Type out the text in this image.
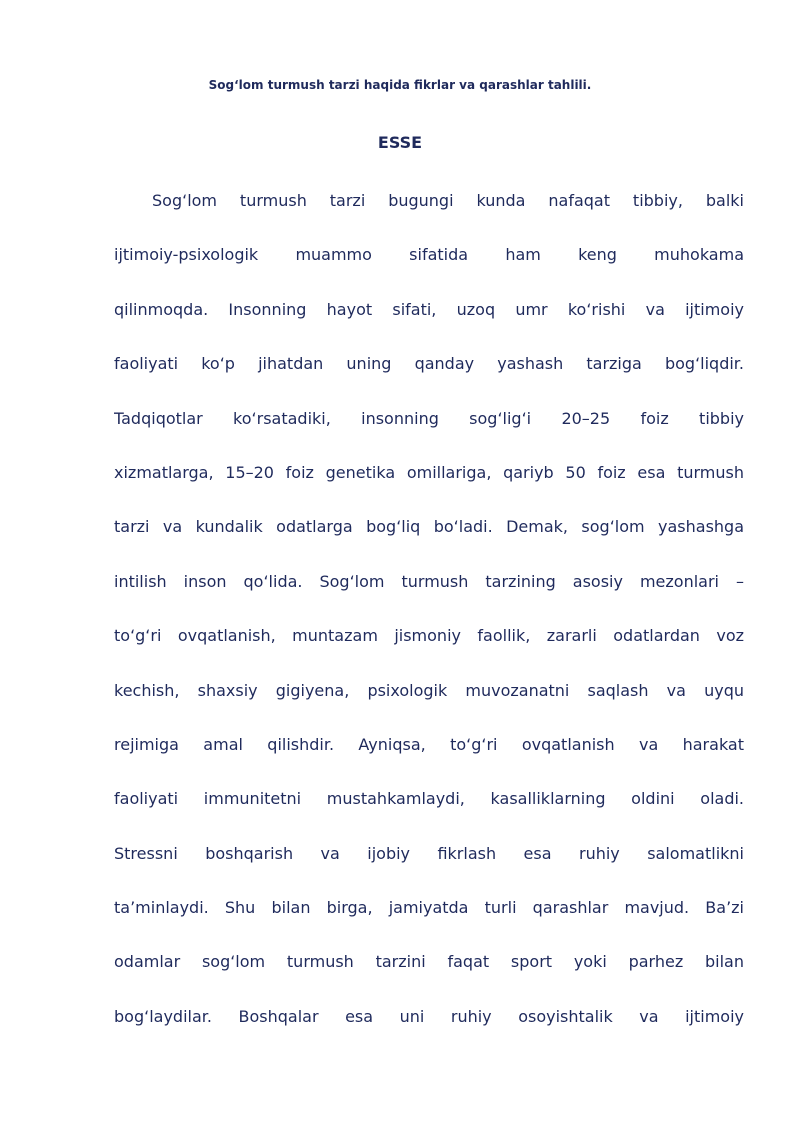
Sog‘lom turmush tarzi haqida fikrlar va qarashlar tahlili.
ESSE
Sog‘lom turmush tarzi bugungi kunda nafaqat tibbiy, balki
ijtimoiy-psixologik muammo sifatida ham keng muhokama
qilinmoqda. Insonning hayot sifati, uzoq umr ko‘rishi va ijtimoiy
faoliyati ko‘p jihatdan uning qanday yashash tarziga bog‘liqdir.
Tadqiqotlar ko‘rsatadiki, insonning sog‘lig‘i 20–25 foiz tibbiy
xizmatlarga, 15–20 foiz genetika omillariga, qariyb 50 foiz esa turmush
tarzi va kundalik odatlarga bog‘liq bo‘ladi. Demak, sog‘lom yashashga
intilish inson qo‘lida. Sog‘lom turmush tarzining asosiy mezonlari –
to‘g‘ri ovqatlanish, muntazam jismoniy faollik, zararli odatlardan voz
kechish, shaxsiy gigiyena, psixologik muvozanatni saqlash va uyqu
rejimiga amal qilishdir. Ayniqsa, to‘g‘ri ovqatlanish va harakat
faoliyati immunitetni mustahkamlaydi, kasalliklarning oldini oladi.
Stressni boshqarish va ijobiy fikrlash esa ruhiy salomatlikni
ta’minlaydi. Shu bilan birga, jamiyatda turli qarashlar mavjud. Ba’zi
odamlar sog‘lom turmush tarzini faqat sport yoki parhez bilan
bog‘laydilar. Boshqalar esa uni ruhiy osoyishtalik va ijtimoiy
